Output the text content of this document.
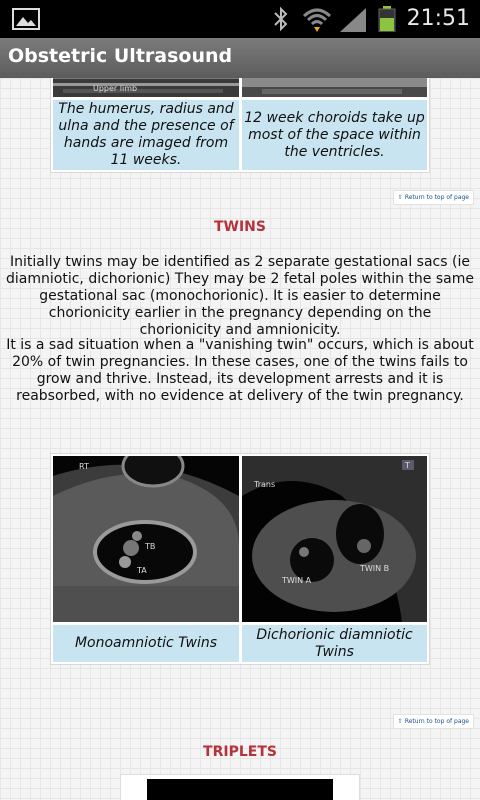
21:51
Obstetric Ultrasound
Upper limb
The humerus, radius and ulna and the presence of hands are imaged from 11 weeks.
12 week choroids take up most of the space within the ventricles.
⇧ Return to top of page
TWINS
Initially twins may be identified as 2 separate gestational sacs (ie diamniotic, dichorionic) They may be 2 fetal poles within the same gestational sac (monochorionic). It is easier to determine chorionicity earlier in the pregnancy depending on the chorionicity and amnionicity.
It is a sad situation when a "vanishing twin" occurs, which is about 20% of twin pregnancies. In these cases, one of the twins fails to grow and thrive. Instead, its development arrests and it is reabsorbed, with no evidence at delivery of the twin pregnancy.
RT
TB
TA
Trans
TWIN A
TWIN B
T
Monoamniotic Twins
Dichorionic diamniotic Twins
⇧ Return to top of page
TRIPLETS
